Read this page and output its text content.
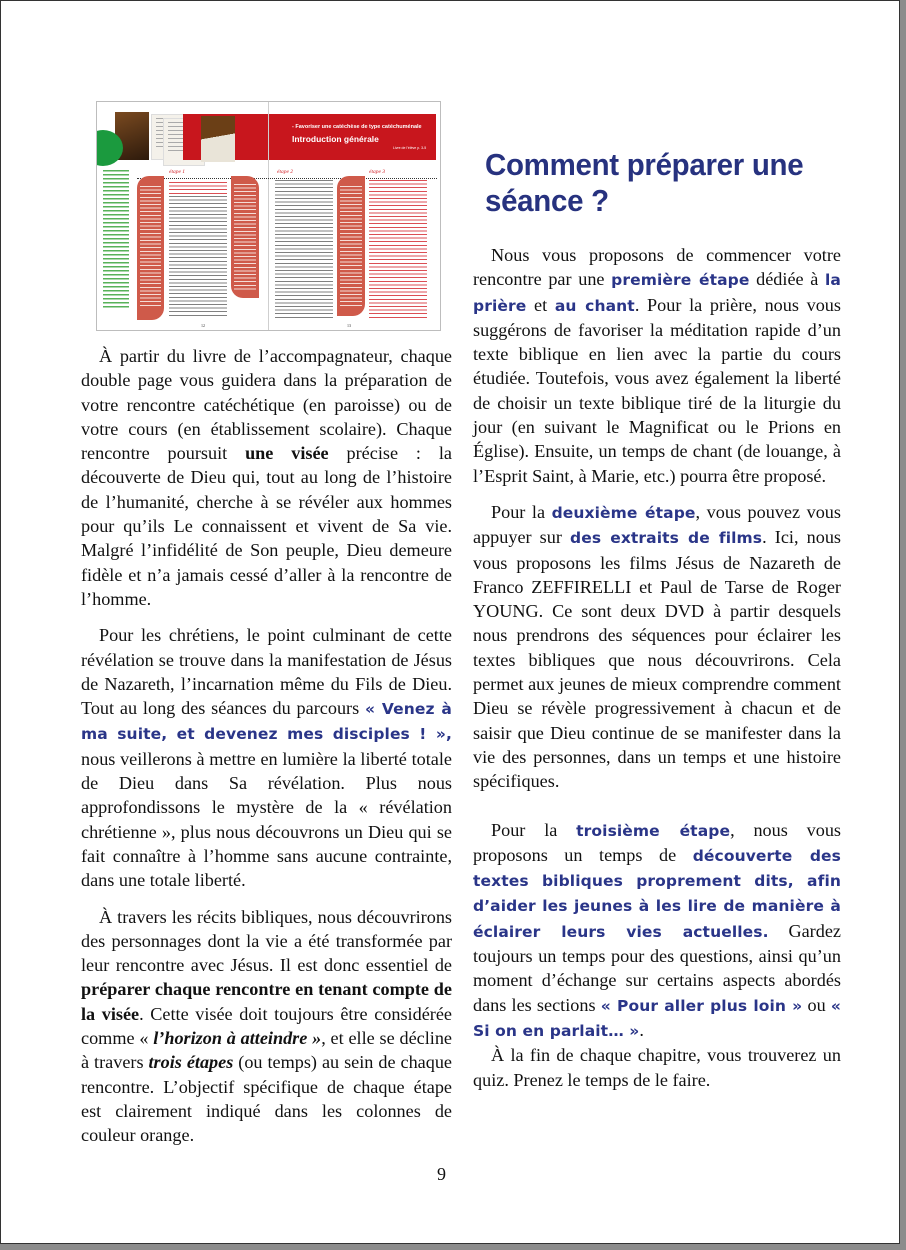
- Favoriser une catéchèse de type catéchuménale
Introduction générale
Livre de l'élève p. 3-5
étape 1	étape 2	étape 3
12	13
Comment préparer une séance ?

À partir du livre de l’accompagnateur, chaque double page vous guidera dans la préparation de votre rencontre catéchétique (en paroisse) ou de votre cours (en établissement scolaire). Chaque rencontre poursuit une visée précise : la découverte de Dieu qui, tout au long de l’histoire de l’humanité, cherche à se révéler aux hommes pour qu’ils Le connaissent et vivent de Sa vie. Malgré l’infidélité de Son peuple, Dieu demeure fidèle et n’a jamais cessé d’aller à la rencontre de l’homme.

Pour les chrétiens, le point culminant de cette révélation se trouve dans la manifestation de Jésus de Nazareth, l’incarnation même du Fils de Dieu. Tout au long des séances du parcours « Venez à ma suite, et devenez mes disciples ! », nous veillerons à mettre en lumière la liberté totale de Dieu dans Sa révélation. Plus nous approfondissons le mystère de la « révélation chrétienne », plus nous découvrons un Dieu qui se fait connaître à l’homme sans aucune contrainte, dans une totale liberté.

À travers les récits bibliques, nous découvrirons des personnages dont la vie a été transformée par leur rencontre avec Jésus. Il est donc essentiel de préparer chaque rencontre en tenant compte de la visée. Cette visée doit toujours être considérée comme « l’horizon à atteindre », et elle se décline à travers trois étapes (ou temps) au sein de chaque rencontre. L’objectif spécifique de chaque étape est clairement indiqué dans les colonnes de couleur orange.

Nous vous proposons de commencer votre rencontre par une première étape dédiée à la prière et au chant. Pour la prière, nous vous suggérons de favoriser la méditation rapide d’un texte biblique en lien avec la partie du cours étudiée. Toutefois, vous avez également la liberté de choisir un texte biblique tiré de la liturgie du jour (en suivant le Magnificat ou le Prions en Église). Ensuite, un temps de chant (de louange, à l’Esprit Saint, à Marie, etc.) pourra être proposé.

Pour la deuxième étape, vous pouvez vous appuyer sur des extraits de films. Ici, nous vous proposons les films Jésus de Nazareth de Franco ZEFFIRELLI et Paul de Tarse de Roger YOUNG. Ce sont deux DVD à partir desquels nous prendrons des séquences pour éclairer les textes bibliques que nous découvrirons. Cela permet aux jeunes de mieux comprendre comment Dieu se révèle progressivement à chacun et de saisir que Dieu continue de se manifester dans la vie des personnes, dans un temps et une histoire spécifiques.

Pour la troisième étape, nous vous proposons un temps de découverte des textes bibliques proprement dits, afin d’aider les jeunes à les lire de manière à éclairer leurs vies actuelles. Gardez toujours un temps pour des questions, ainsi qu’un moment d’échange sur certains aspects abordés dans les sections « Pour aller plus loin » ou « Si on en parlait… ».

À la fin de chaque chapitre, vous trouverez un quiz. Prenez le temps de le faire.

9
